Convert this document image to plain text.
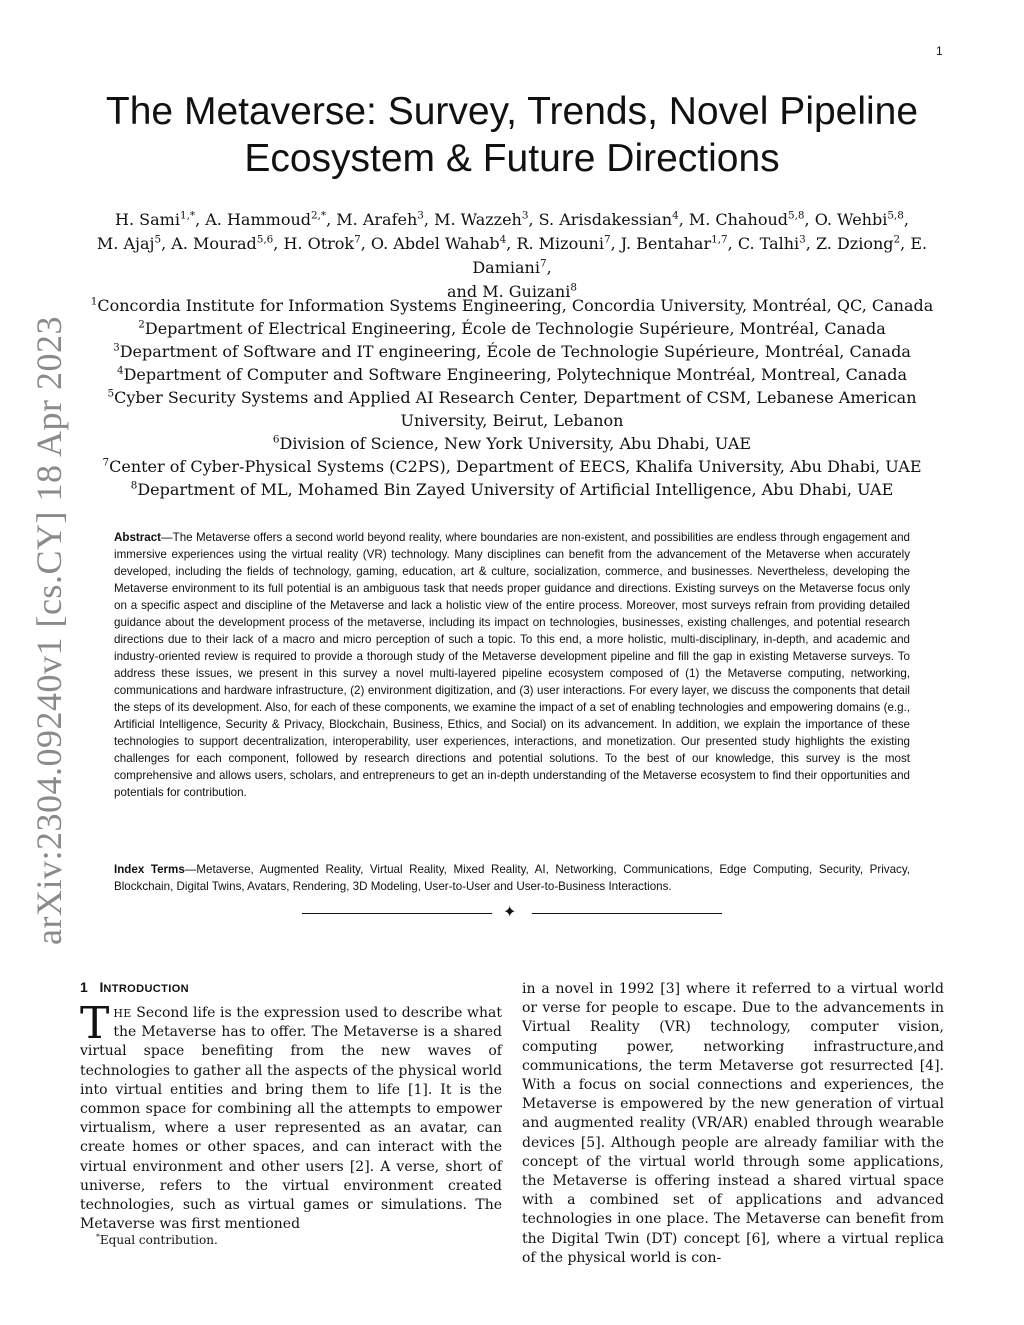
1
arXiv:2304.09240v1 [cs.CY] 18 Apr 2023
The Metaverse: Survey, Trends, Novel Pipeline
Ecosystem & Future Directions
H. Sami$^{1,*}$, A. Hammoud$^{2,*}$, M. Arafeh$^3$, M. Wazzeh$^3$, S. Arisdakessian$^4$, M. Chahoud$^{5,8}$, O. Wehbi$^{5,8}$,
M. Ajaj$^5$, A. Mourad$^{5,6}$, H. Otrok$^7$, O. Abdel Wahab$^4$, R. Mizouni$^7$, J. Bentahar$^{1,7}$, C. Talhi$^3$, Z. Dziong$^2$, E. Damiani$^7$,
and M. Guizani$^8$
$^1$Concordia Institute for Information Systems Engineering, Concordia University, Montréal, QC, Canada
$^2$Department of Electrical Engineering, École de Technologie Supérieure, Montréal, Canada
$^3$Department of Software and IT engineering, École de Technologie Supérieure, Montréal, Canada
$^4$Department of Computer and Software Engineering, Polytechnique Montréal, Montreal, Canada
$^5$Cyber Security Systems and Applied AI Research Center, Department of CSM, Lebanese American University, Beirut, Lebanon
$^6$Division of Science, New York University, Abu Dhabi, UAE
$^7$Center of Cyber-Physical Systems (C2PS), Department of EECS, Khalifa University, Abu Dhabi, UAE
$^8$Department of ML, Mohamed Bin Zayed University of Artificial Intelligence, Abu Dhabi, UAE
Abstract—The Metaverse offers a second world beyond reality, where boundaries are non-existent, and possibilities are endless through engagement and immersive experiences using the virtual reality (VR) technology. Many disciplines can benefit from the advancement of the Metaverse when accurately developed, including the fields of technology, gaming, education, art & culture, socialization, commerce, and businesses. Nevertheless, developing the Metaverse environment to its full potential is an ambiguous task that needs proper guidance and directions. Existing surveys on the Metaverse focus only on a specific aspect and discipline of the Metaverse and lack a holistic view of the entire process. Moreover, most surveys refrain from providing detailed guidance about the development process of the metaverse, including its impact on technologies, businesses, existing challenges, and potential research directions due to their lack of a macro and micro perception of such a topic. To this end, a more holistic, multi-disciplinary, in-depth, and academic and industry-oriented review is required to provide a thorough study of the Metaverse development pipeline and fill the gap in existing Metaverse surveys. To address these issues, we present in this survey a novel multi-layered pipeline ecosystem composed of (1) the Metaverse computing, networking, communications and hardware infrastructure, (2) environment digitization, and (3) user interactions. For every layer, we discuss the components that detail the steps of its development. Also, for each of these components, we examine the impact of a set of enabling technologies and empowering domains (e.g., Artificial Intelligence, Security & Privacy, Blockchain, Business, Ethics, and Social) on its advancement. In addition, we explain the importance of these technologies to support decentralization, interoperability, user experiences, interactions, and monetization. Our presented study highlights the existing challenges for each component, followed by research directions and potential solutions. To the best of our knowledge, this survey is the most comprehensive and allows users, scholars, and entrepreneurs to get an in-depth understanding of the Metaverse ecosystem to find their opportunities and potentials for contribution.
Index Terms—Metaverse, Augmented Reality, Virtual Reality, Mixed Reality, AI, Networking, Communications, Edge Computing, Security, Privacy, Blockchain, Digital Twins, Avatars, Rendering, 3D Modeling, User-to-User and User-to-Business Interactions.
✦
1 INTRODUCTION
THE Second life is the expression used to describe what the Metaverse has to offer. The Metaverse is a shared virtual space benefiting from the new waves of technologies to gather all the aspects of the physical world into virtual entities and bring them to life [1]. It is the common space for combining all the attempts to empower virtualism, where a user represented as an avatar, can create homes or other spaces, and can interact with the virtual environment and other users [2]. A verse, short of universe, refers to the virtual environment created technologies, such as virtual games or simulations. The Metaverse was first mentioned
in a novel in 1992 [3] where it referred to a virtual world or verse for people to escape. Due to the advancements in Virtual Reality (VR) technology, computer vision, computing power, networking infrastructure,and communications, the term Metaverse got resurrected [4]. With a focus on social connections and experiences, the Metaverse is empowered by the new generation of virtual and augmented reality (VR/AR) enabled through wearable devices [5]. Although people are already familiar with the concept of the virtual world through some applications, the Metaverse is offering instead a shared virtual space with a combined set of applications and advanced technologies in one place. The Metaverse can benefit from the Digital Twin (DT) concept [6], where a virtual replica of the physical world is con-
*Equal contribution.
